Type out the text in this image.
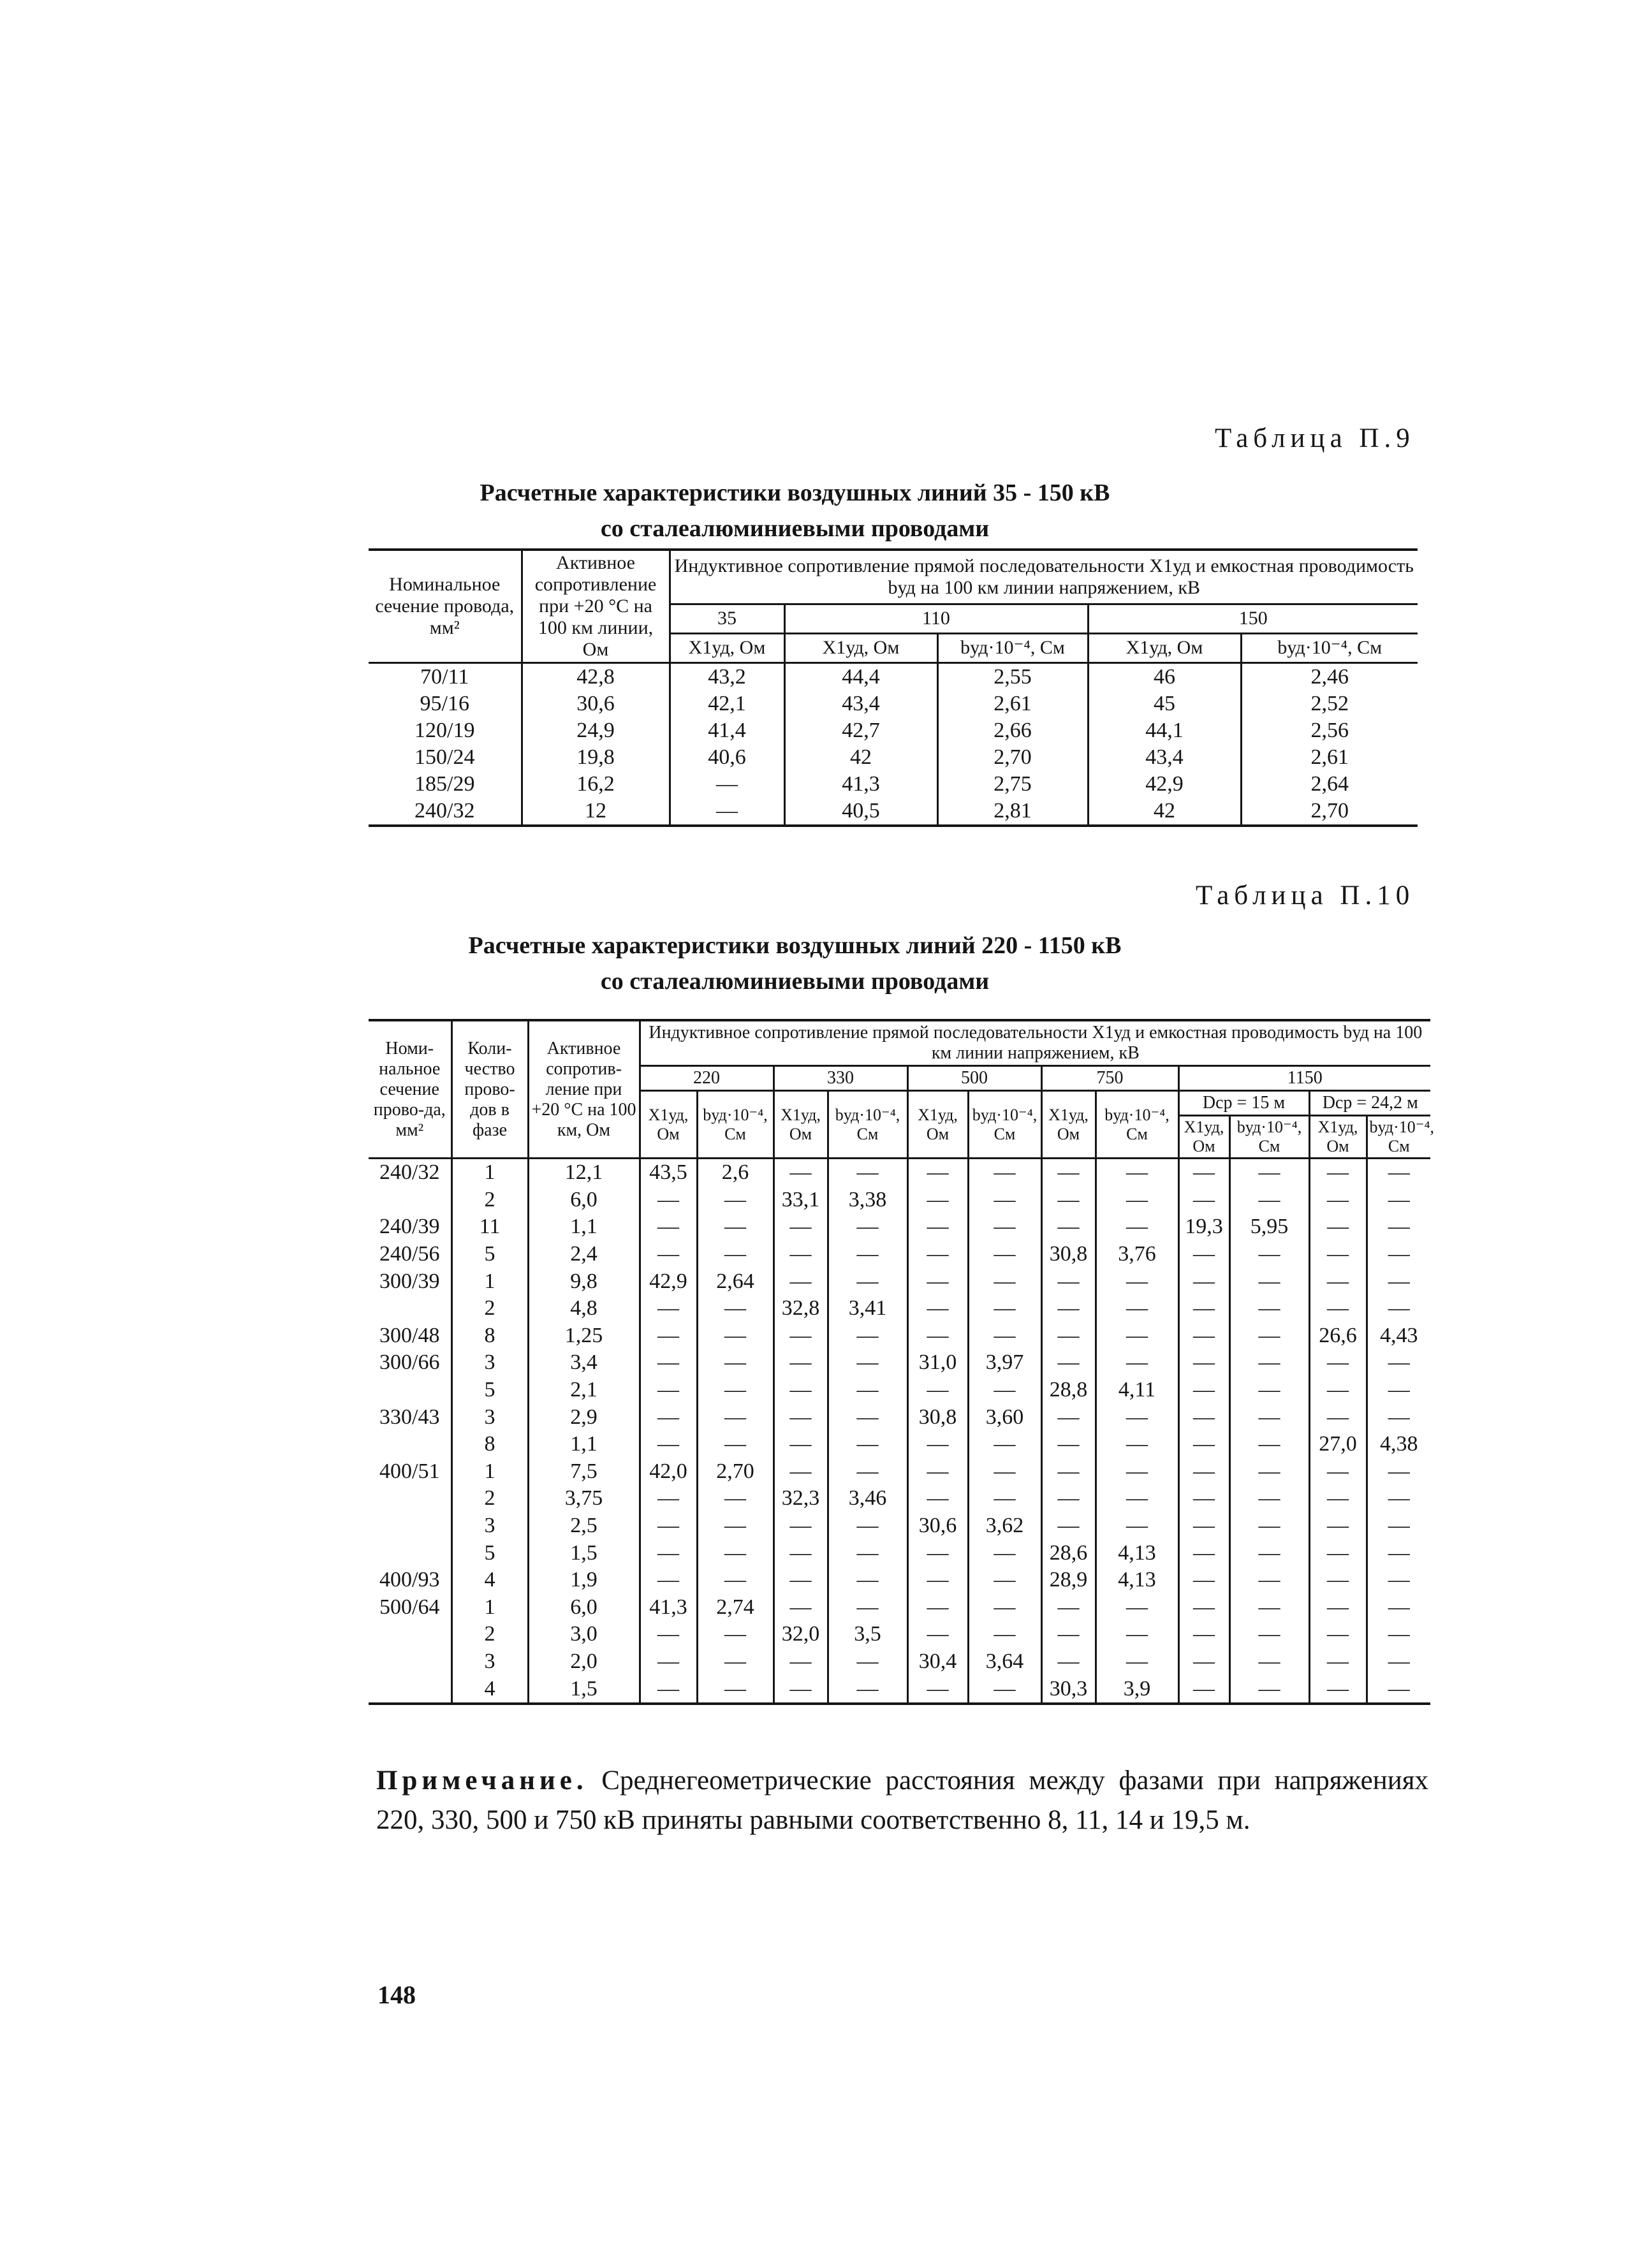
Таблица П.9
Расчетные характеристики воздушных линий 35 - 150 кВ
со сталеалюминиевыми проводами
Номинальное сечение провода, мм²	Активное сопротивление при +20 °С на 100 км линии, Ом	Индуктивное сопротивление прямой последовательности X1уд и емкостная проводимость bуд на 100 км линии напряжением, кВ				
		35	110		150	
		X1уд, Ом	X1уд, Ом	bуд·10⁻⁴, См	X1уд, Ом	bуд·10⁻⁴, См
70/11	42,8	43,2	44,4	2,55	46	2,46
95/16	30,6	42,1	43,4	2,61	45	2,52
120/19	24,9	41,4	42,7	2,66	44,1	2,56
150/24	19,8	40,6	42	2,70	43,4	2,61
185/29	16,2	—	41,3	2,75	42,9	2,64
240/32	12	—	40,5	2,81	42	2,70
Таблица П.10
Расчетные характеристики воздушных линий 220 - 1150 кВ
со сталеалюминиевыми проводами
Номи-нальное сечение прово-да, мм²	Коли-чество прово-дов в фазе	Активное сопротив-ление при +20 °С на 100 км, Ом	Индуктивное сопротивление прямой последовательности X1уд и емкостная проводимость bуд на 100 км линии напряжением, кВ											
			220		330		500		750		1150			
			X1уд, Ом	bуд·10⁻⁴, См	X1уд, Ом	bуд·10⁻⁴, См	X1уд, Ом	bуд·10⁻⁴, См	X1уд, Ом	bуд·10⁻⁴, См	Dср = 15 м		Dср = 24,2 м	
											X1уд, Ом	bуд·10⁻⁴, См	X1уд, Ом	bуд·10⁻⁴, См
240/32	1	12,1	43,5	2,6	—	—	—	—	—	—	—	—	—	—
	2	6,0	—	—	33,1	3,38	—	—	—	—	—	—	—	—
240/39	11	1,1	—	—	—	—	—	—	—	—	19,3	5,95	—	—
240/56	5	2,4	—	—	—	—	—	—	30,8	3,76	—	—	—	—
300/39	1	9,8	42,9	2,64	—	—	—	—	—	—	—	—	—	—
	2	4,8	—	—	32,8	3,41	—	—	—	—	—	—	—	—
300/48	8	1,25	—	—	—	—	—	—	—	—	—	—	26,6	4,43
300/66	3	3,4	—	—	—	—	31,0	3,97	—	—	—	—	—	—
	5	2,1	—	—	—	—	—	—	28,8	4,11	—	—	—	—
330/43	3	2,9	—	—	—	—	30,8	3,60	—	—	—	—	—	—
	8	1,1	—	—	—	—	—	—	—	—	—	—	27,0	4,38
400/51	1	7,5	42,0	2,70	—	—	—	—	—	—	—	—	—	—
	2	3,75	—	—	32,3	3,46	—	—	—	—	—	—	—	—
	3	2,5	—	—	—	—	30,6	3,62	—	—	—	—	—	—
	5	1,5	—	—	—	—	—	—	28,6	4,13	—	—	—	—
400/93	4	1,9	—	—	—	—	—	—	28,9	4,13	—	—	—	—
500/64	1	6,0	41,3	2,74	—	—	—	—	—	—	—	—	—	—
	2	3,0	—	—	32,0	3,5	—	—	—	—	—	—	—	—
	3	2,0	—	—	—	—	30,4	3,64	—	—	—	—	—	—
	4	1,5	—	—	—	—	—	—	30,3	3,9	—	—	—	—
Примечание. Среднегеометрические расстояния между фазами при напряжениях 220, 330, 500 и 750 кВ приняты равными соответственно 8, 11, 14 и 19,5 м.
148
